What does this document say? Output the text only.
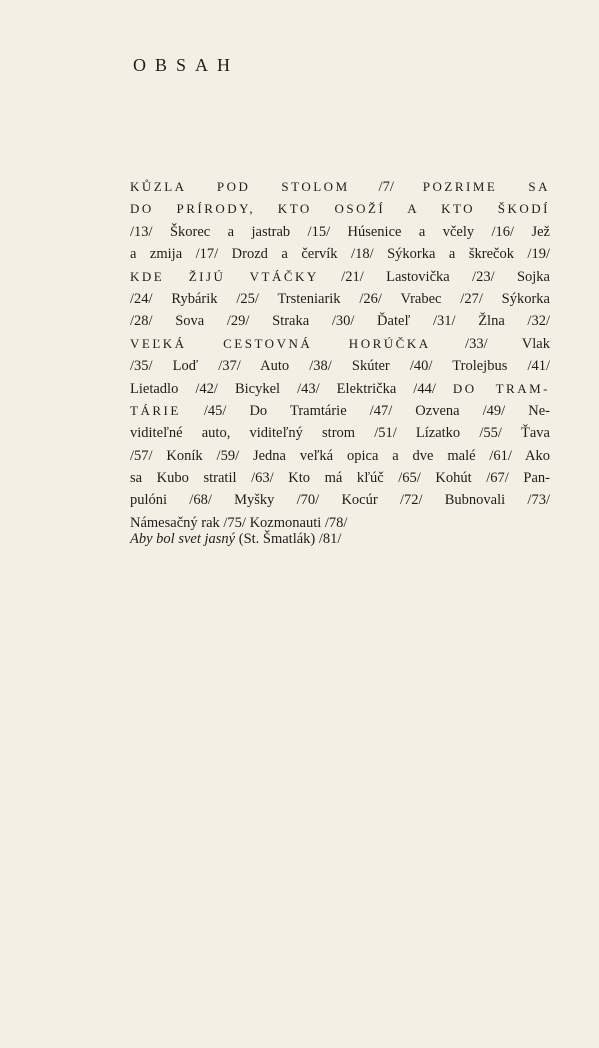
OBSAH
KŮZLA POD STOLOM /7/ POZRIME SA
DO PRÍRODY, KTO OSOŽÍ A KTO ŠKODÍ
/13/ Škorec a jastrab /15/ Húsenice a včely /16/ Jež
a zmija /17/ Drozd a červík /18/ Sýkorka a škrečok /19/
KDE ŽIJÚ VTÁČKY /21/ Lastovička /23/ Sojka
/24/ Rybárik /25/ Trsteniarik /26/ Vrabec /27/ Sýkorka
/28/ Sova /29/ Straka /30/ Ďateľ /31/ Žlna /32/
VEĽKÁ CESTOVNÁ HORÚČKA /33/ Vlak
/35/ Loď /37/ Auto /38/ Skúter /40/ Trolejbus /41/
Lietadlo /42/ Bicykel /43/ Električka /44/ DO TRAM-
TÁRIE /45/ Do Tramtárie /47/ Ozvena /49/ Ne-
viditeľné auto, viditeľný strom /51/ Lízatko /55/ Ťava
/57/ Koník /59/ Jedna veľká opica a dve malé /61/ Ako
sa Kubo stratil /63/ Kto má kľúč /65/ Kohút /67/ Pan-
pulóni /68/ Myšky /70/ Kocúr /72/ Bubnovali /73/
Námesačný rak /75/ Kozmonauti /78/
Aby bol svet jasný (St. Šmatlák) /81/
